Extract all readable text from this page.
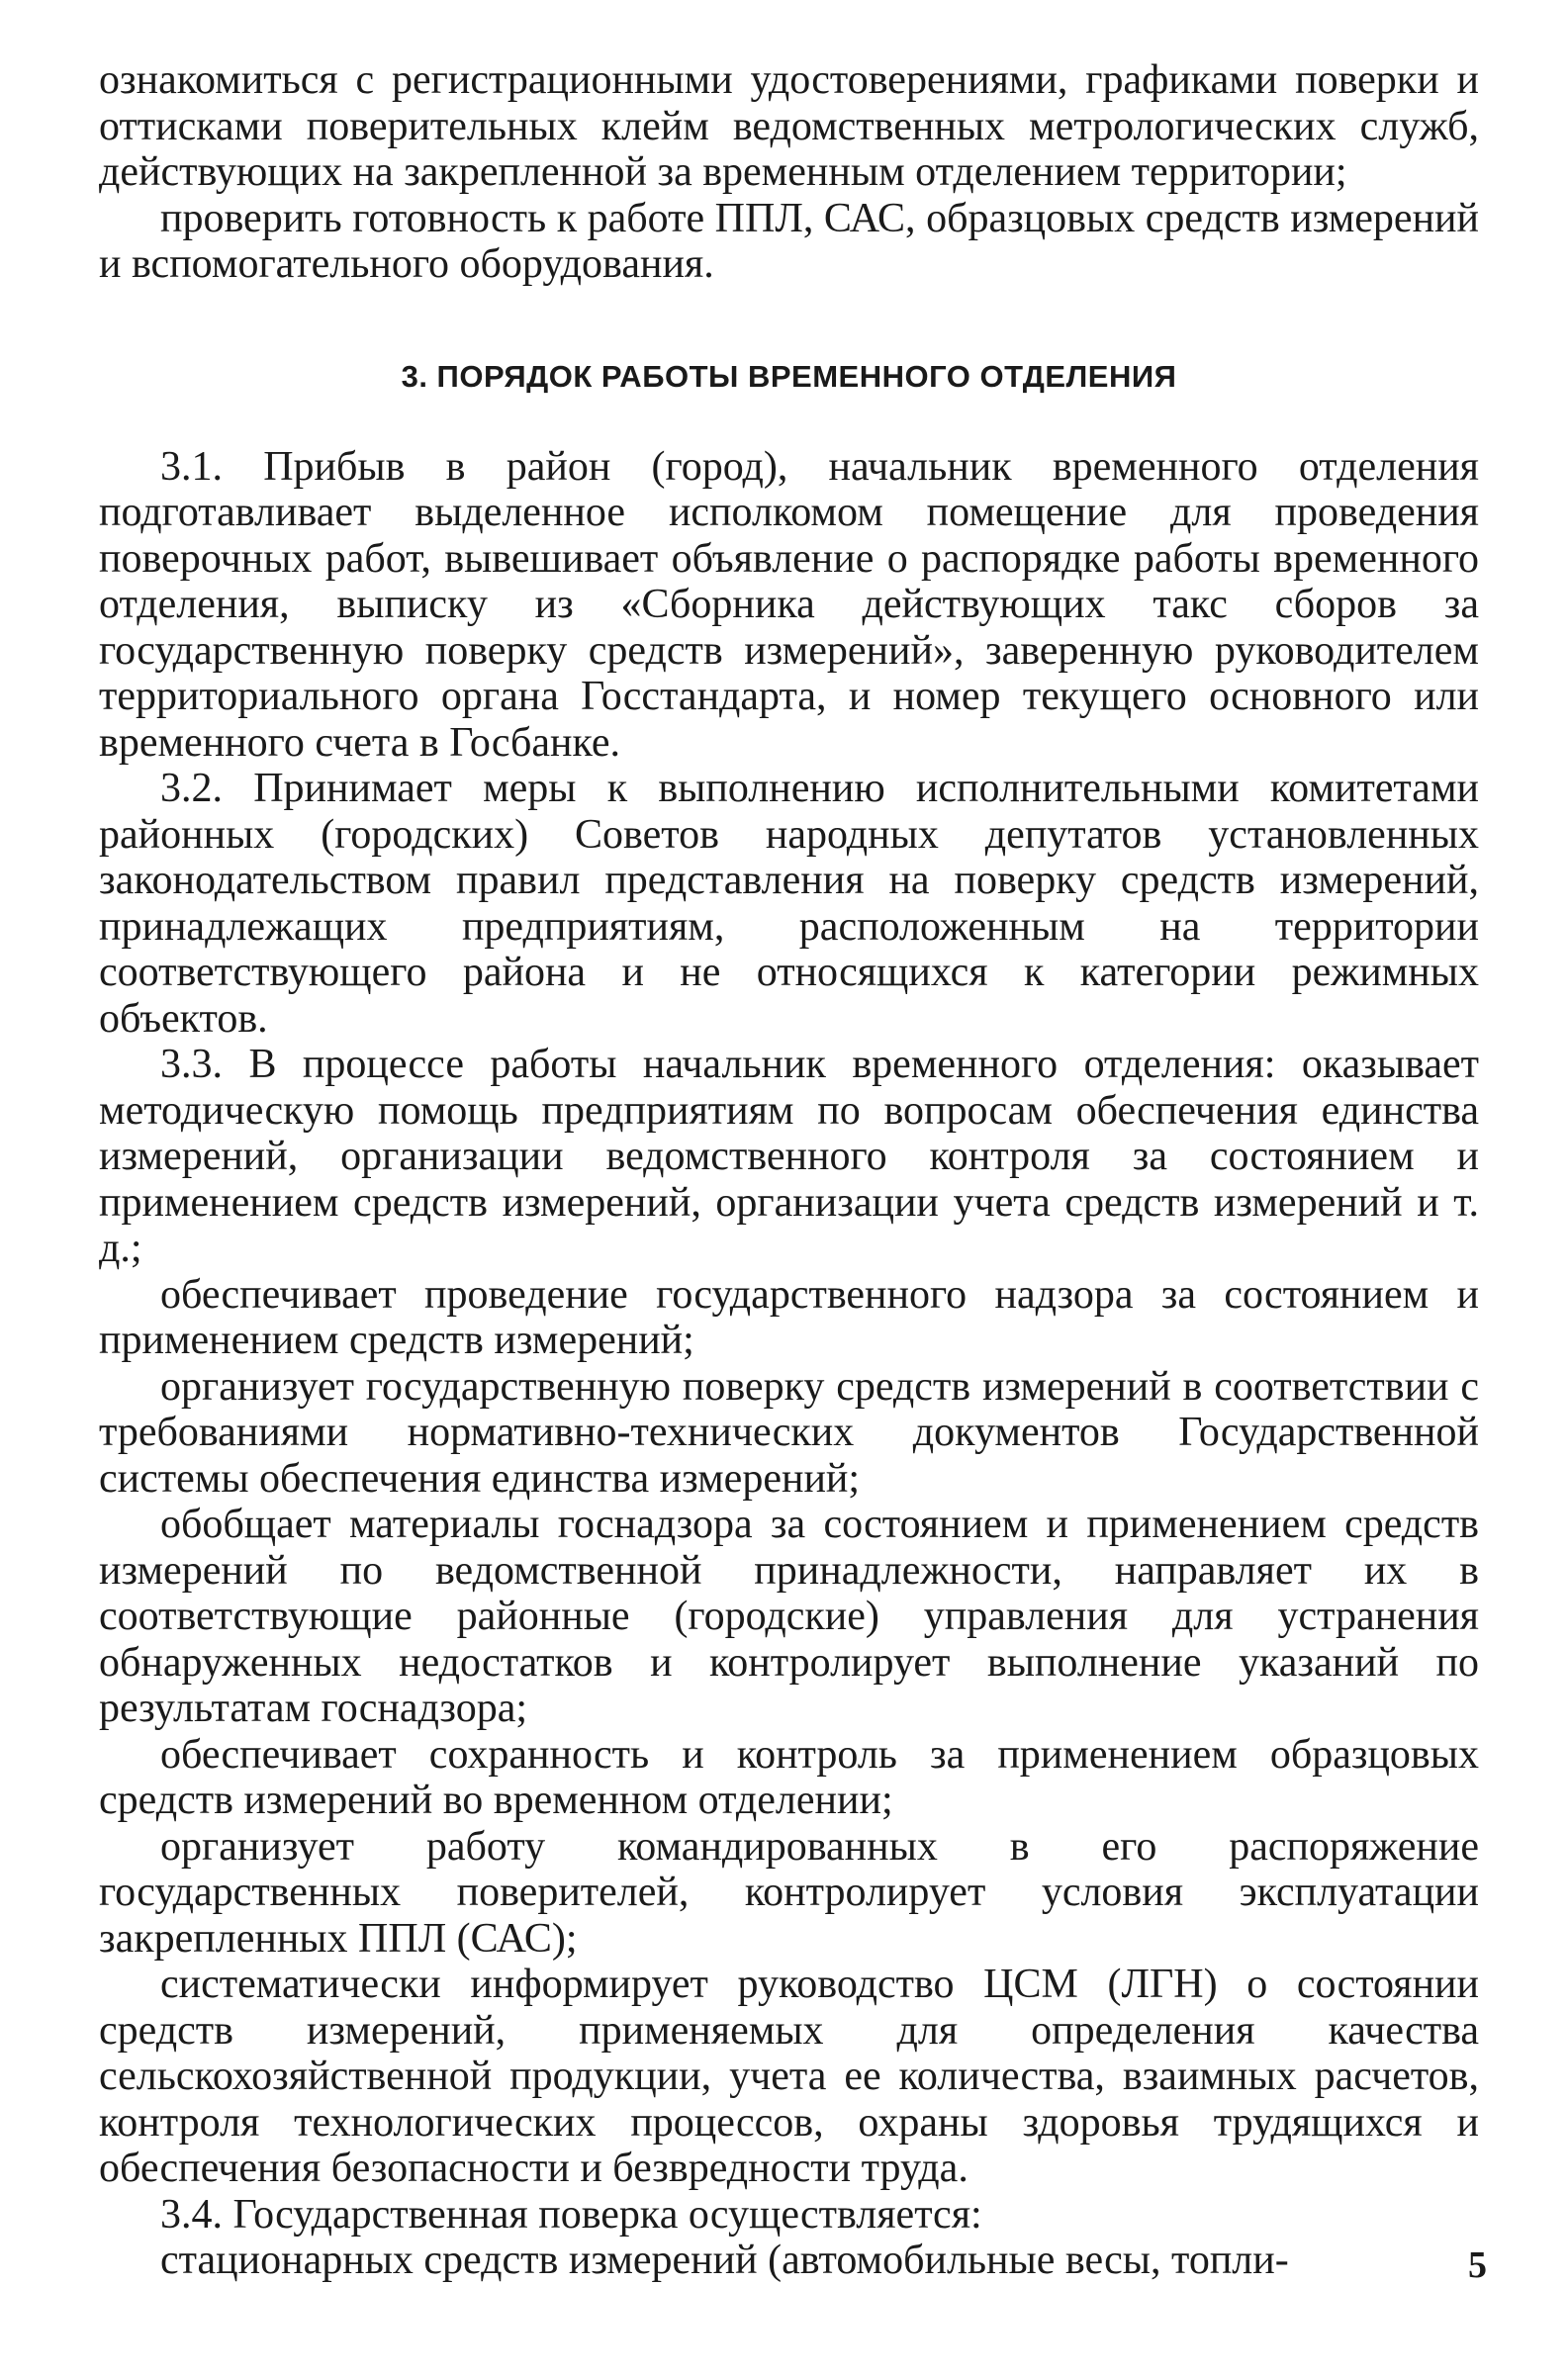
ознакомиться с регистрационными удостоверениями, графиками поверки и оттисками поверительных клейм ведомственных метрологических служб, действующих на закрепленной за временным отделением территории;

проверить готовность к работе ППЛ, САС, образцовых средств измерений и вспомогательного оборудования.

3. ПОРЯДОК РАБОТЫ ВРЕМЕННОГО ОТДЕЛЕНИЯ

3.1. Прибыв в район (город), начальник временного отделения подготавливает выделенное исполкомом помещение для проведения поверочных работ, вывешивает объявление о распорядке работы временного отделения, выписку из «Сборника действующих такс сборов за государственную поверку средств измерений», заверенную руководителем территориального органа Госстандарта, и номер текущего основного или временного счета в Госбанке.

3.2. Принимает меры к выполнению исполнительными комитетами районных (городских) Советов народных депутатов установленных законодательством правил представления на поверку средств измерений, принадлежащих предприятиям, расположенным на территории соответствующего района и не относящихся к категории режимных объектов.

3.3. В процессе работы начальник временного отделения: оказывает методическую помощь предприятиям по вопросам обеспечения единства измерений, организации ведомственного контроля за состоянием и применением средств измерений, организации учета средств измерений и т. д.;

обеспечивает проведение государственного надзора за состоянием и применением средств измерений;

организует государственную поверку средств измерений в соответствии с требованиями нормативно-технических документов Государственной системы обеспечения единства измерений;

обобщает материалы госнадзора за состоянием и применением средств измерений по ведомственной принадлежности, направляет их в соответствующие районные (городские) управления для устранения обнаруженных недостатков и контролирует выполнение указаний по результатам госнадзора;

обеспечивает сохранность и контроль за применением образцовых средств измерений во временном отделении;

организует работу командированных в его распоряжение государственных поверителей, контролирует условия эксплуатации закрепленных ППЛ (САС);

систематически информирует руководство ЦСМ (ЛГН) о состоянии средств измерений, применяемых для определения качества сельскохозяйственной продукции, учета ее количества, взаимных расчетов, контроля технологических процессов, охраны здоровья трудящихся и обеспечения безопасности и безвредности труда.

3.4. Государственная поверка осуществляется:

стационарных средств измерений (автомобильные весы, топли-	5
